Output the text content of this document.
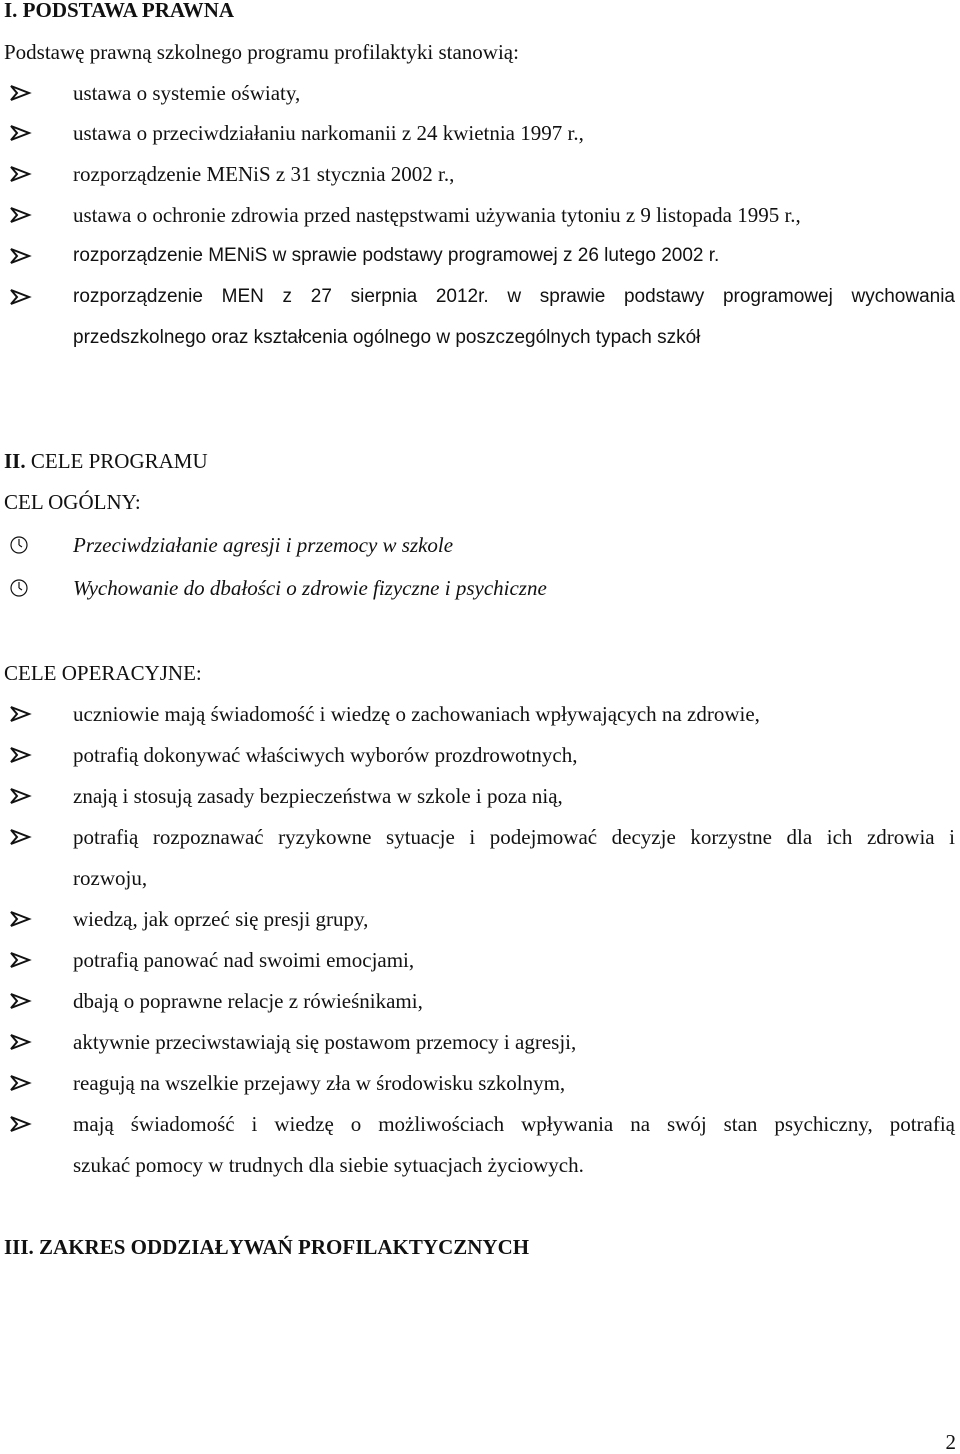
I. PODSTAWA PRAWNA
Podstawę prawną szkolnego programu profilaktyki stanowią:
ustawa o systemie oświaty,
ustawa o przeciwdziałaniu narkomanii z 24 kwietnia 1997 r.,
rozporządzenie MENiS z 31 stycznia 2002 r.,
ustawa o ochronie zdrowia przed następstwami używania tytoniu z 9 listopada 1995 r.,
rozporządzenie MENiS w sprawie podstawy programowej z 26 lutego 2002 r.
rozporządzenie MEN z 27 sierpnia 2012r. w sprawie podstawy programowej wychowania
przedszkolnego oraz kształcenia ogólnego w poszczególnych typach szkół
II. CELE PROGRAMU
CEL OGÓLNY:
Przeciwdziałanie agresji i przemocy w szkole
Wychowanie do dbałości o zdrowie fizyczne i psychiczne
CELE OPERACYJNE:
uczniowie mają świadomość i wiedzę o zachowaniach wpływających na zdrowie,
potrafią dokonywać właściwych wyborów prozdrowotnych,
znają i stosują zasady bezpieczeństwa w szkole i poza nią,
potrafią rozpoznawać ryzykowne sytuacje i podejmować decyzje korzystne dla ich zdrowia i
rozwoju,
wiedzą, jak oprzeć się presji grupy,
potrafią panować nad swoimi emocjami,
dbają o poprawne relacje z rówieśnikami,
aktywnie przeciwstawiają się postawom przemocy i agresji,
reagują na wszelkie przejawy zła w środowisku szkolnym,
mają świadomość i wiedzę o możliwościach wpływania na swój stan psychiczny, potrafią
szukać pomocy w trudnych dla siebie sytuacjach życiowych.
III. ZAKRES ODDZIAŁYWAŃ PROFILAKTYCZNYCH
2
